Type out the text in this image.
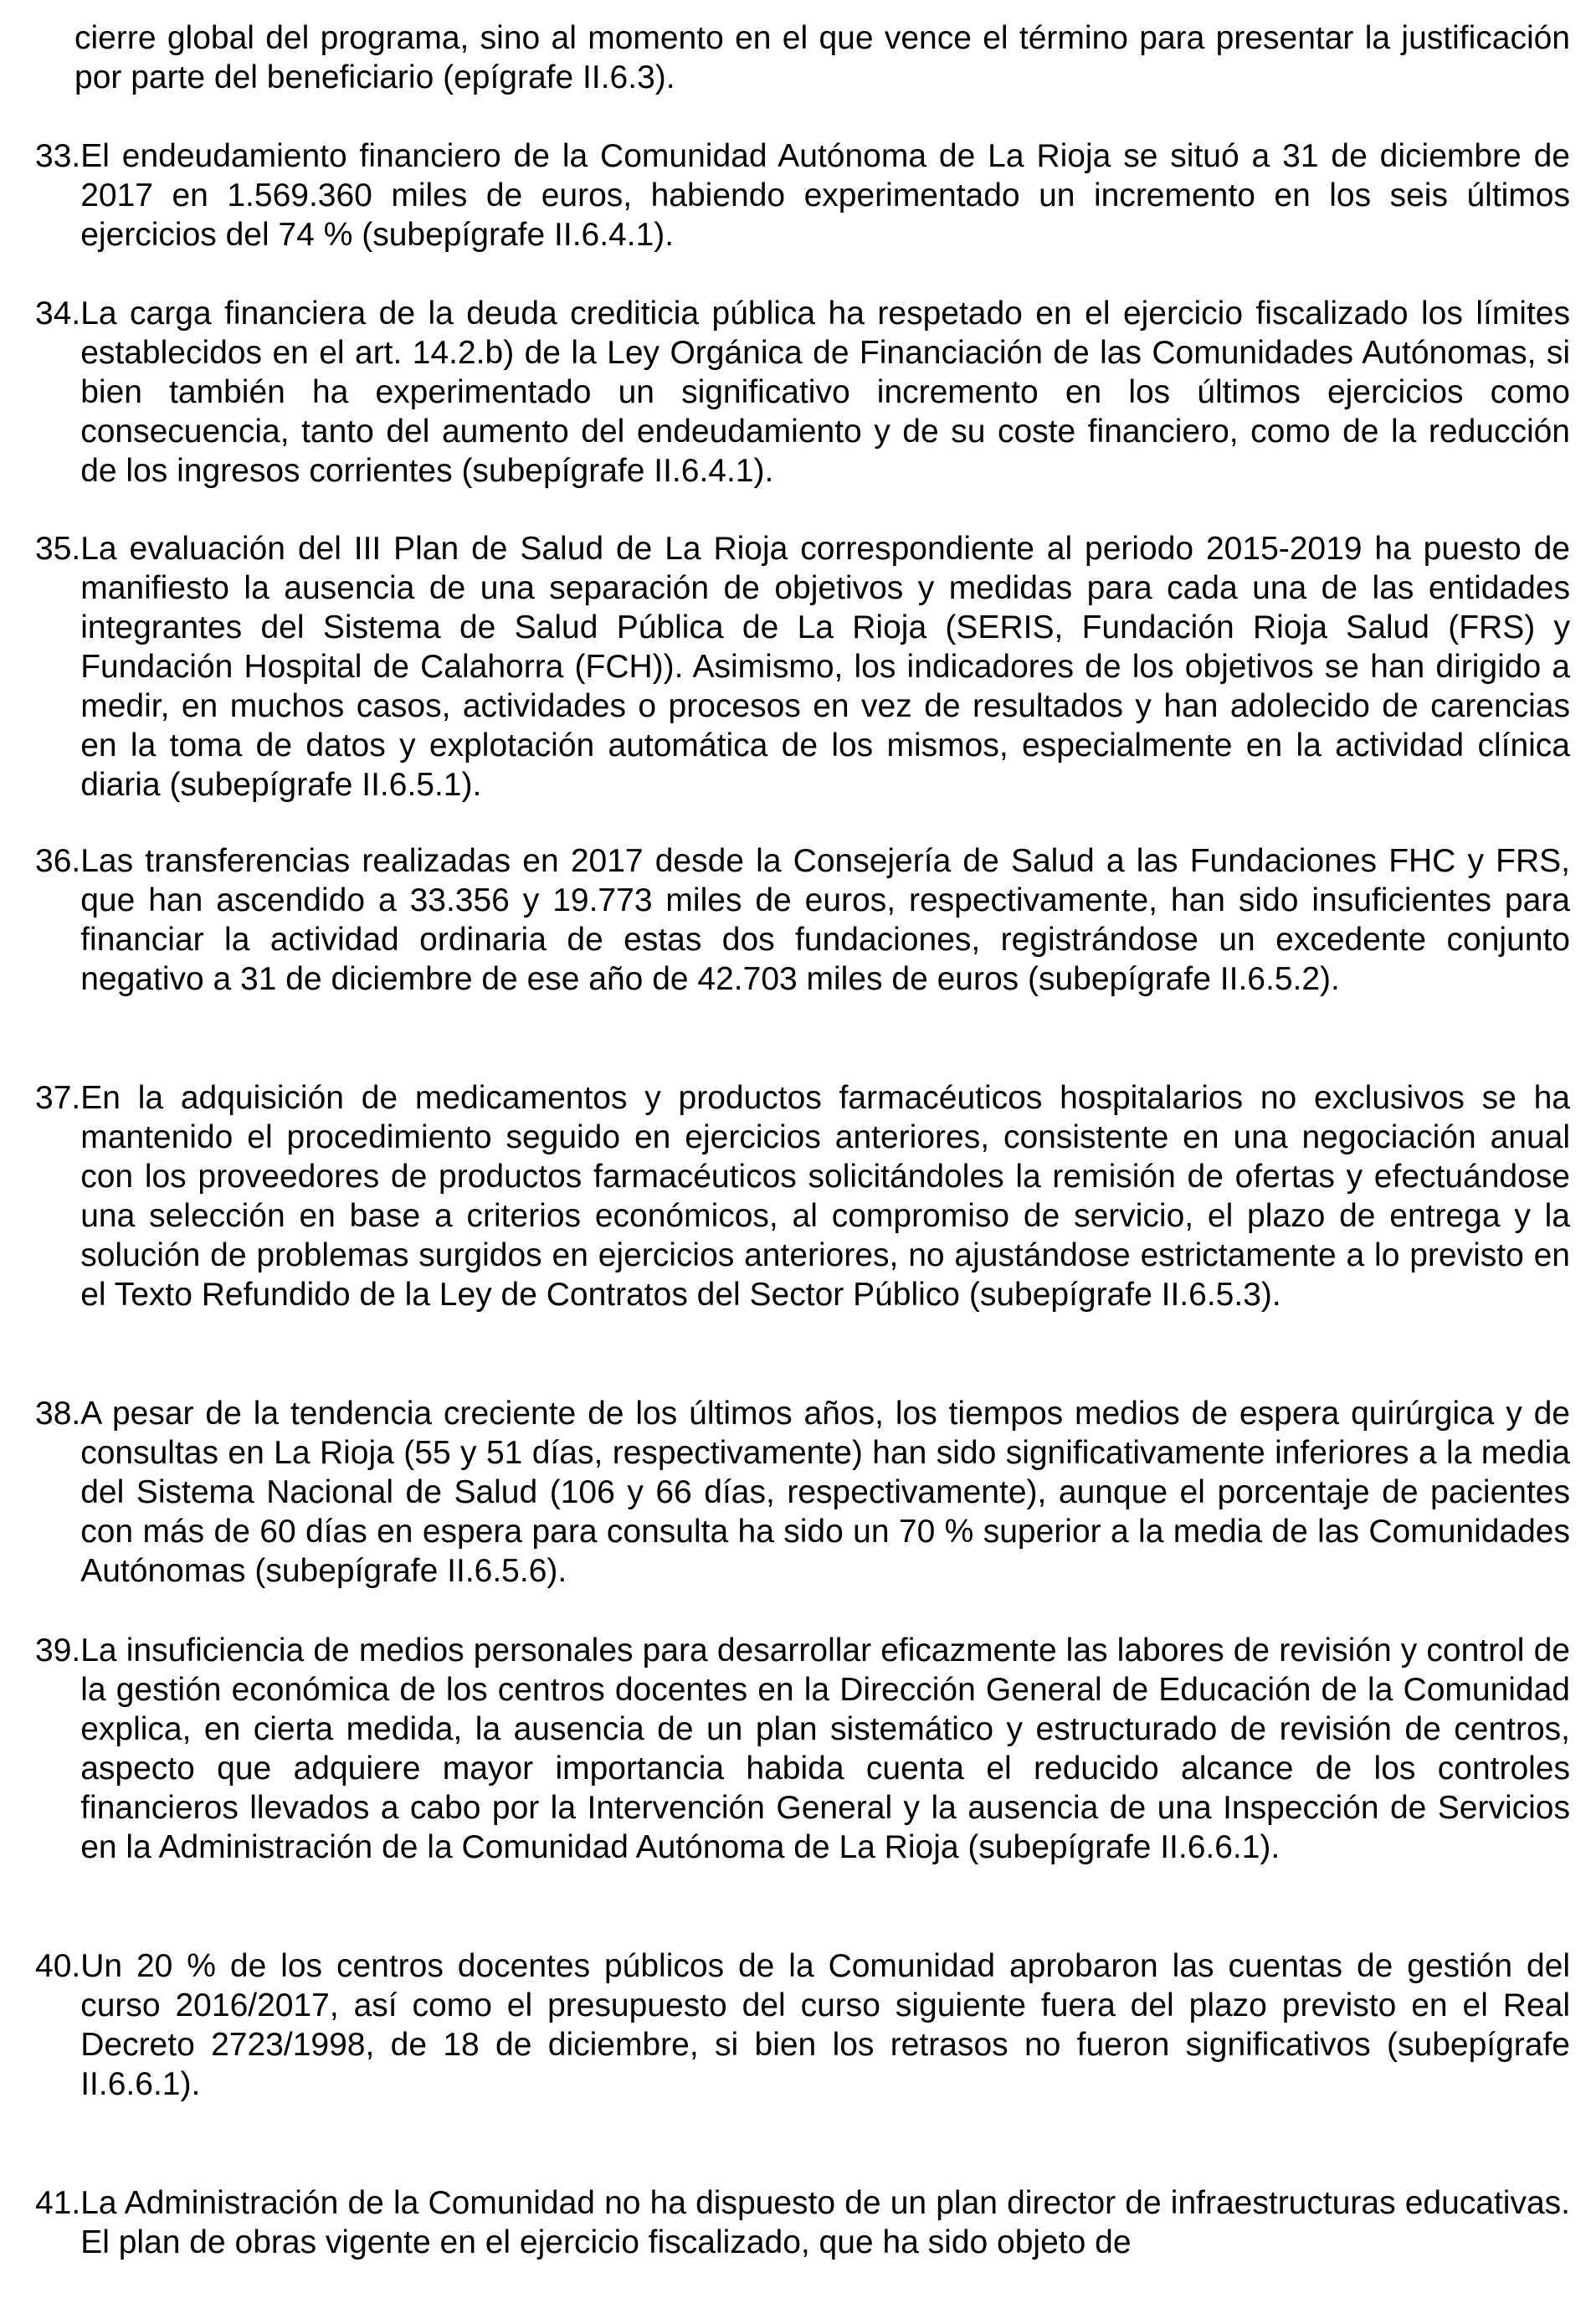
cierre global del programa, sino al momento en el que vence el término para presentar la justificación por parte del beneficiario (epígrafe II.6.3).

33. El endeudamiento financiero de la Comunidad Autónoma de La Rioja se situó a 31 de diciembre de 2017 en 1.569.360 miles de euros, habiendo experimentado un incremento en los seis últimos ejercicios del 74 % (subepígrafe II.6.4.1).
34. La carga financiera de la deuda crediticia pública ha respetado en el ejercicio fiscalizado los límites establecidos en el art. 14.2.b) de la Ley Orgánica de Financiación de las Comunidades Autónomas, si bien también ha experimentado un significativo incremento en los últimos ejercicios como consecuencia, tanto del aumento del endeudamiento y de su coste financiero, como de la reducción de los ingresos corrientes (subepígrafe II.6.4.1).
35. La evaluación del III Plan de Salud de La Rioja correspondiente al periodo 2015-2019 ha puesto de manifiesto la ausencia de una separación de objetivos y medidas para cada una de las entidades integrantes del Sistema de Salud Pública de La Rioja (SERIS, Fundación Rioja Salud (FRS) y Fundación Hospital de Calahorra (FCH)). Asimismo, los indicadores de los objetivos se han dirigido a medir, en muchos casos, actividades o procesos en vez de resultados y han adolecido de carencias en la toma de datos y explotación automática de los mismos, especialmente en la actividad clínica diaria (subepígrafe II.6.5.1).
36. Las transferencias realizadas en 2017 desde la Consejería de Salud a las Fundaciones FHC y FRS, que han ascendido a 33.356 y 19.773 miles de euros, respectivamente, han sido insuficientes para financiar la actividad ordinaria de estas dos fundaciones, registrándose un excedente conjunto negativo a 31 de diciembre de ese año de 42.703 miles de euros (subepígrafe II.6.5.2).
37. En la adquisición de medicamentos y productos farmacéuticos hospitalarios no exclusivos se ha mantenido el procedimiento seguido en ejercicios anteriores, consistente en una negociación anual con los proveedores de productos farmacéuticos solicitándoles la remisión de ofertas y efectuándose una selección en base a criterios económicos, al compromiso de servicio, el plazo de entrega y la solución de problemas surgidos en ejercicios anteriores, no ajustándose estrictamente a lo previsto en el Texto Refundido de la Ley de Contratos del Sector Público (subepígrafe II.6.5.3).
38. A pesar de la tendencia creciente de los últimos años, los tiempos medios de espera quirúrgica y de consultas en La Rioja (55 y 51 días, respectivamente) han sido significativamente inferiores a la media del Sistema Nacional de Salud (106 y 66 días, respectivamente), aunque el porcentaje de pacientes con más de 60 días en espera para consulta ha sido un 70 % superior a la media de las Comunidades Autónomas (subepígrafe II.6.5.6).
39. La insuficiencia de medios personales para desarrollar eficazmente las labores de revisión y control de la gestión económica de los centros docentes en la Dirección General de Educación de la Comunidad explica, en cierta medida, la ausencia de un plan sistemático y estructurado de revisión de centros, aspecto que adquiere mayor importancia habida cuenta el reducido alcance de los controles financieros llevados a cabo por la Intervención General y la ausencia de una Inspección de Servicios en la Administración de la Comunidad Autónoma de La Rioja (subepígrafe II.6.6.1).
40. Un 20 % de los centros docentes públicos de la Comunidad aprobaron las cuentas de gestión del curso 2016/2017, así como el presupuesto del curso siguiente fuera del plazo previsto en el Real Decreto 2723/1998, de 18 de diciembre, si bien los retrasos no fueron significativos (subepígrafe II.6.6.1).
41. La Administración de la Comunidad no ha dispuesto de un plan director de infraestructuras educativas. El plan de obras vigente en el ejercicio fiscalizado, que ha sido objeto de
